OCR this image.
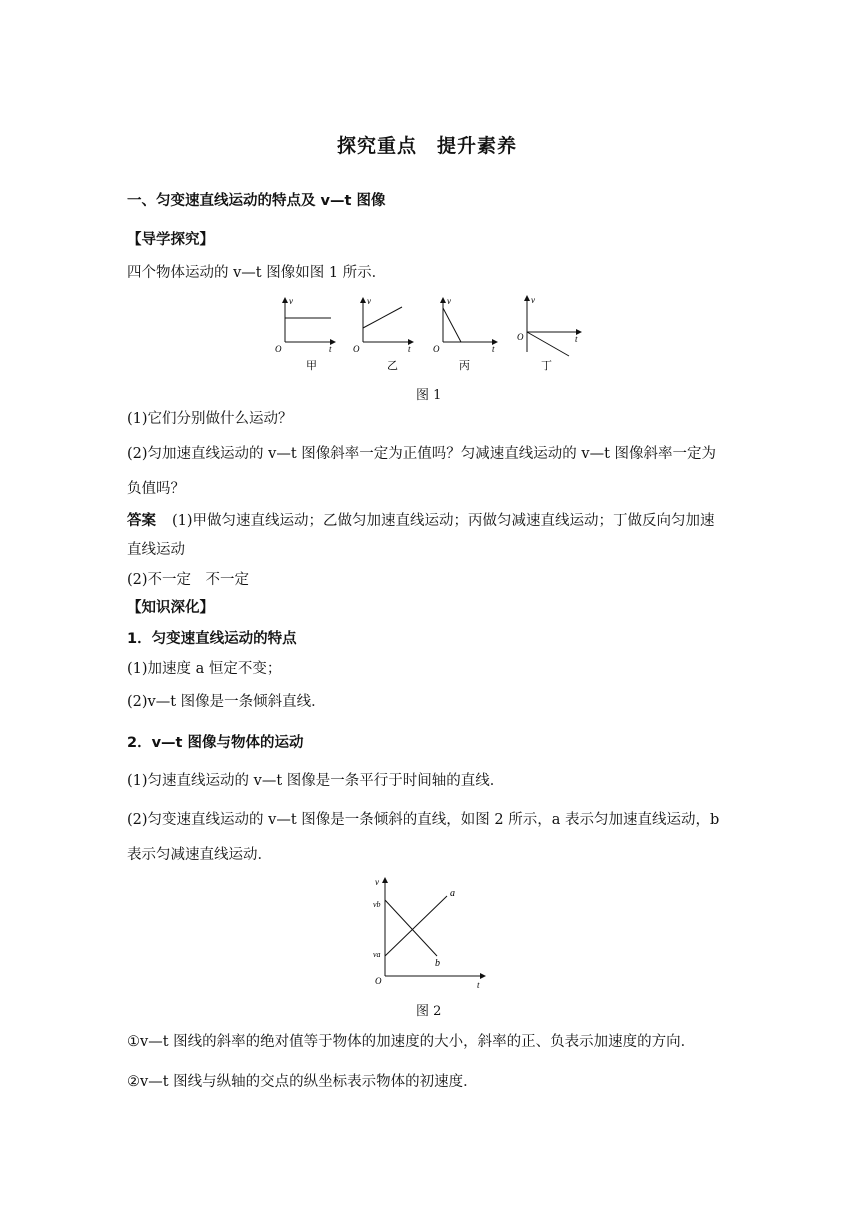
探究重点　提升素养
一、匀变速直线运动的特点及 v—t 图像
【导学探究】
四个物体运动的 v—t 图像如图 1 所示．
v
t
O
甲
v
t
O
乙
v
t
O
丙
v
t
O
丁
图 1
(1)它们分别做什么运动？
(2)匀加速直线运动的 v—t 图像斜率一定为正值吗？匀减速直线运动的 v—t 图像斜率一定为
负值吗？
答案 (1)甲做匀速直线运动；乙做匀加速直线运动；丙做匀减速直线运动；丁做反向匀加速
直线运动
(2)不一定　不一定
【知识深化】
1．匀变速直线运动的特点
(1)加速度 a 恒定不变；
(2)v—t 图像是一条倾斜直线．
2．v—t 图像与物体的运动
(1)匀速直线运动的 v—t 图像是一条平行于时间轴的直线．
(2)匀变速直线运动的 v—t 图像是一条倾斜的直线，如图 2 所示，a 表示匀加速直线运动，b
表示匀减速直线运动．
v
t
O
vb
va
a
b
图 2
①v—t 图线的斜率的绝对值等于物体的加速度的大小，斜率的正、负表示加速度的方向．
②v—t 图线与纵轴的交点的纵坐标表示物体的初速度．
